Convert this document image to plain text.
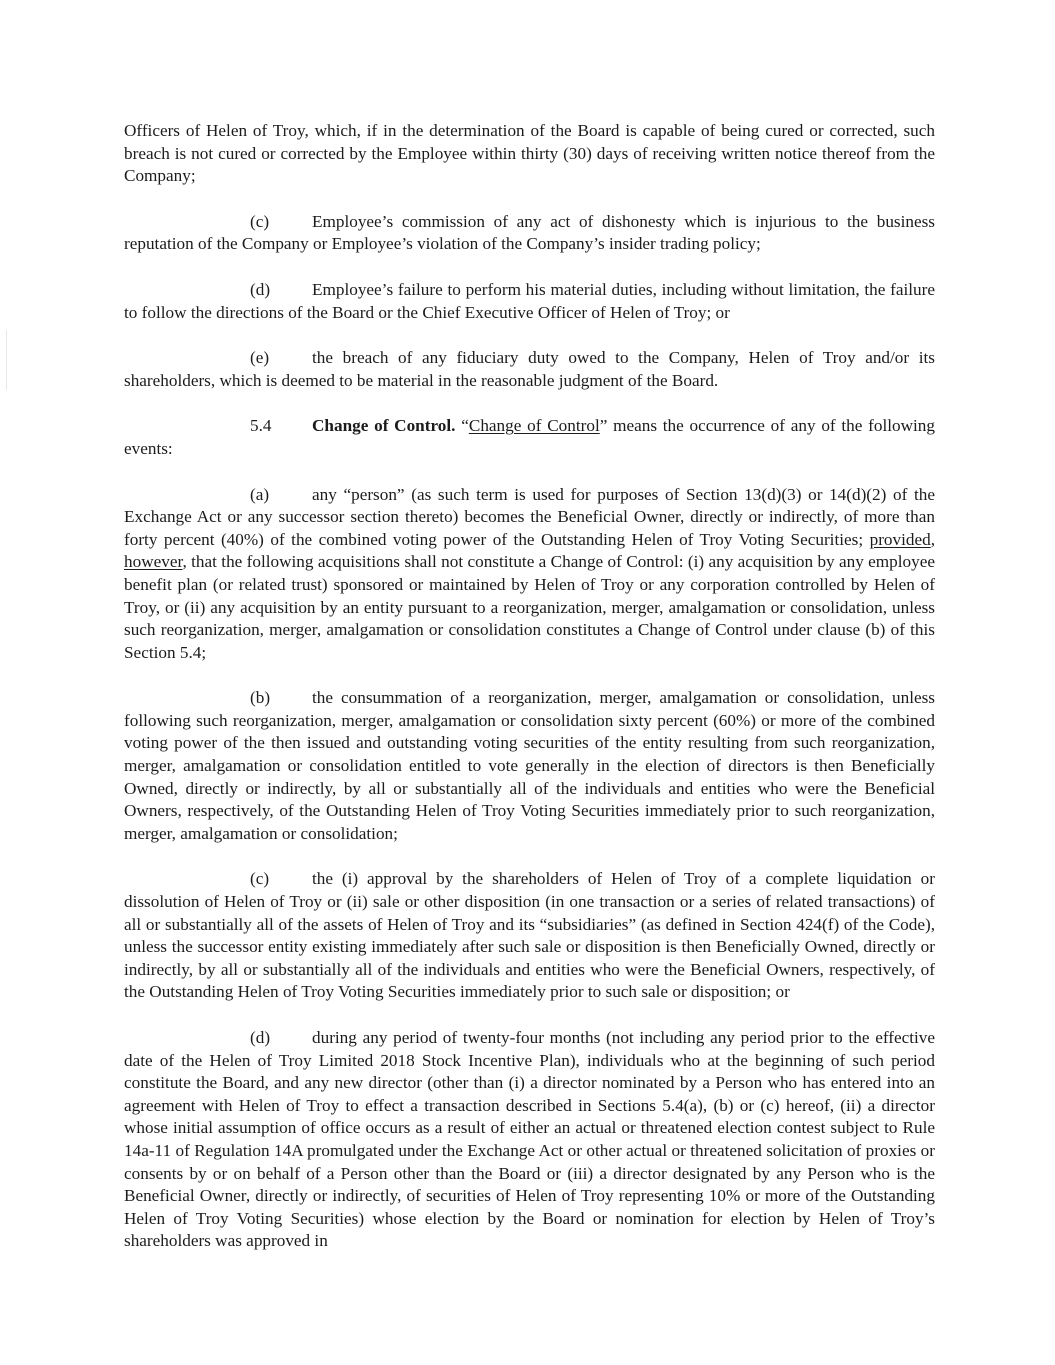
Officers of Helen of Troy, which, if in the determination of the Board is capable of being cured or corrected, such breach is not cured or corrected by the Employee within thirty (30) days of receiving written notice thereof from the Company;

(c) Employee’s commission of any act of dishonesty which is injurious to the business reputation of the Company or Employee’s violation of the Company’s insider trading policy;

(d) Employee’s failure to perform his material duties, including without limitation, the failure to follow the directions of the Board or the Chief Executive Officer of Helen of Troy; or

(e) the breach of any fiduciary duty owed to the Company, Helen of Troy and/or its shareholders, which is deemed to be material in the reasonable judgment of the Board.

5.4 Change of Control. “Change of Control” means the occurrence of any of the following events:

(a) any “person” (as such term is used for purposes of Section 13(d)(3) or 14(d)(2) of the Exchange Act or any successor section thereto) becomes the Beneficial Owner, directly or indirectly, of more than forty percent (40%) of the combined voting power of the Outstanding Helen of Troy Voting Securities; provided, however, that the following acquisitions shall not constitute a Change of Control: (i) any acquisition by any employee benefit plan (or related trust) sponsored or maintained by Helen of Troy or any corporation controlled by Helen of Troy, or (ii) any acquisition by an entity pursuant to a reorganization, merger, amalgamation or consolidation, unless such reorganization, merger, amalgamation or consolidation constitutes a Change of Control under clause (b) of this Section 5.4;

(b) the consummation of a reorganization, merger, amalgamation or consolidation, unless following such reorganization, merger, amalgamation or consolidation sixty percent (60%) or more of the combined voting power of the then issued and outstanding voting securities of the entity resulting from such reorganization, merger, amalgamation or consolidation entitled to vote generally in the election of directors is then Beneficially Owned, directly or indirectly, by all or substantially all of the individuals and entities who were the Beneficial Owners, respectively, of the Outstanding Helen of Troy Voting Securities immediately prior to such reorganization, merger, amalgamation or consolidation;

(c) the (i) approval by the shareholders of Helen of Troy of a complete liquidation or dissolution of Helen of Troy or (ii) sale or other disposition (in one transaction or a series of related transactions) of all or substantially all of the assets of Helen of Troy and its “subsidiaries” (as defined in Section 424(f) of the Code), unless the successor entity existing immediately after such sale or disposition is then Beneficially Owned, directly or indirectly, by all or substantially all of the individuals and entities who were the Beneficial Owners, respectively, of the Outstanding Helen of Troy Voting Securities immediately prior to such sale or disposition; or

(d) during any period of twenty-four months (not including any period prior to the effective date of the Helen of Troy Limited 2018 Stock Incentive Plan), individuals who at the beginning of such period constitute the Board, and any new director (other than (i) a director nominated by a Person who has entered into an agreement with Helen of Troy to effect a transaction described in Sections 5.4(a), (b) or (c) hereof, (ii) a director whose initial assumption of office occurs as a result of either an actual or threatened election contest subject to Rule 14a-11 of Regulation 14A promulgated under the Exchange Act or other actual or threatened solicitation of proxies or consents by or on behalf of a Person other than the Board or (iii) a director designated by any Person who is the Beneficial Owner, directly or indirectly, of securities of Helen of Troy representing 10% or more of the Outstanding Helen of Troy Voting Securities) whose election by the Board or nomination for election by Helen of Troy’s shareholders was approved in
